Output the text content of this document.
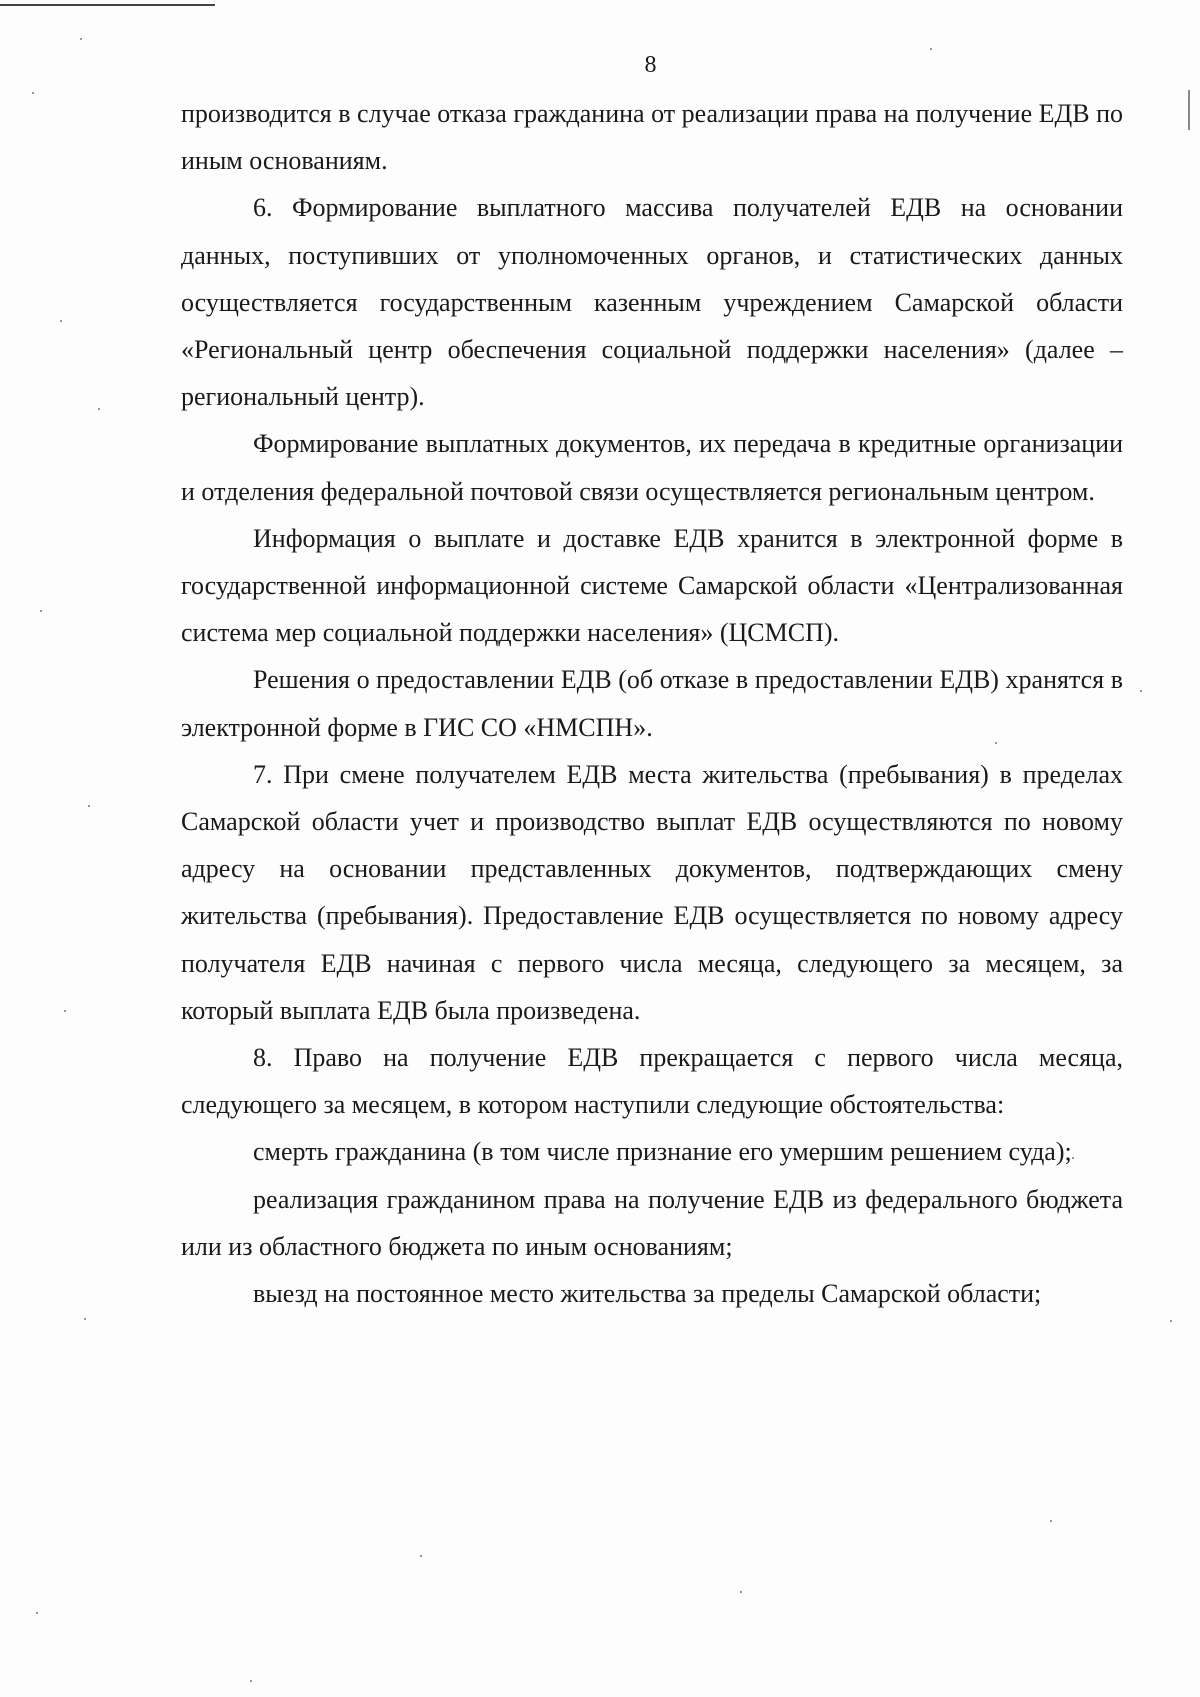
8

производится в случае отказа гражданина от реализации права на получение ЕДВ по иным основаниям.

6. Формирование выплатного массива получателей ЕДВ на основании данных, поступивших от уполномоченных органов, и статистических данных осуществляется государственным казенным учреждением Самарской области «Региональный центр обеспечения социальной поддержки населения» (далее – региональный центр).

Формирование выплатных документов, их передача в кредитные организации и отделения федеральной почтовой связи осуществляется региональным центром.

Информация о выплате и доставке ЕДВ хранится в электронной форме в государственной информационной системе Самарской области «Централизованная система мер социальной поддержки населения» (ЦСМСП).

Решения о предоставлении ЕДВ (об отказе в предоставлении ЕДВ) хранятся в электронной форме в ГИС СО «НМСПН».

7. При смене получателем ЕДВ места жительства (пребывания) в пределах Самарской области учет и производство выплат ЕДВ осуществляются по новому адресу на основании представленных документов, подтверждающих смену жительства (пребывания). Предоставление ЕДВ осуществляется по новому адресу получателя ЕДВ начиная с первого числа месяца, следующего за месяцем, за который выплата ЕДВ была произведена.

8. Право на получение ЕДВ прекращается с первого числа месяца, следующего за месяцем, в котором наступили следующие обстоятельства:

смерть гражданина (в том числе признание его умершим решением суда);

реализация гражданином права на получение ЕДВ из федерального бюджета или из областного бюджета по иным основаниям;

выезд на постоянное место жительства за пределы Самарской области;
